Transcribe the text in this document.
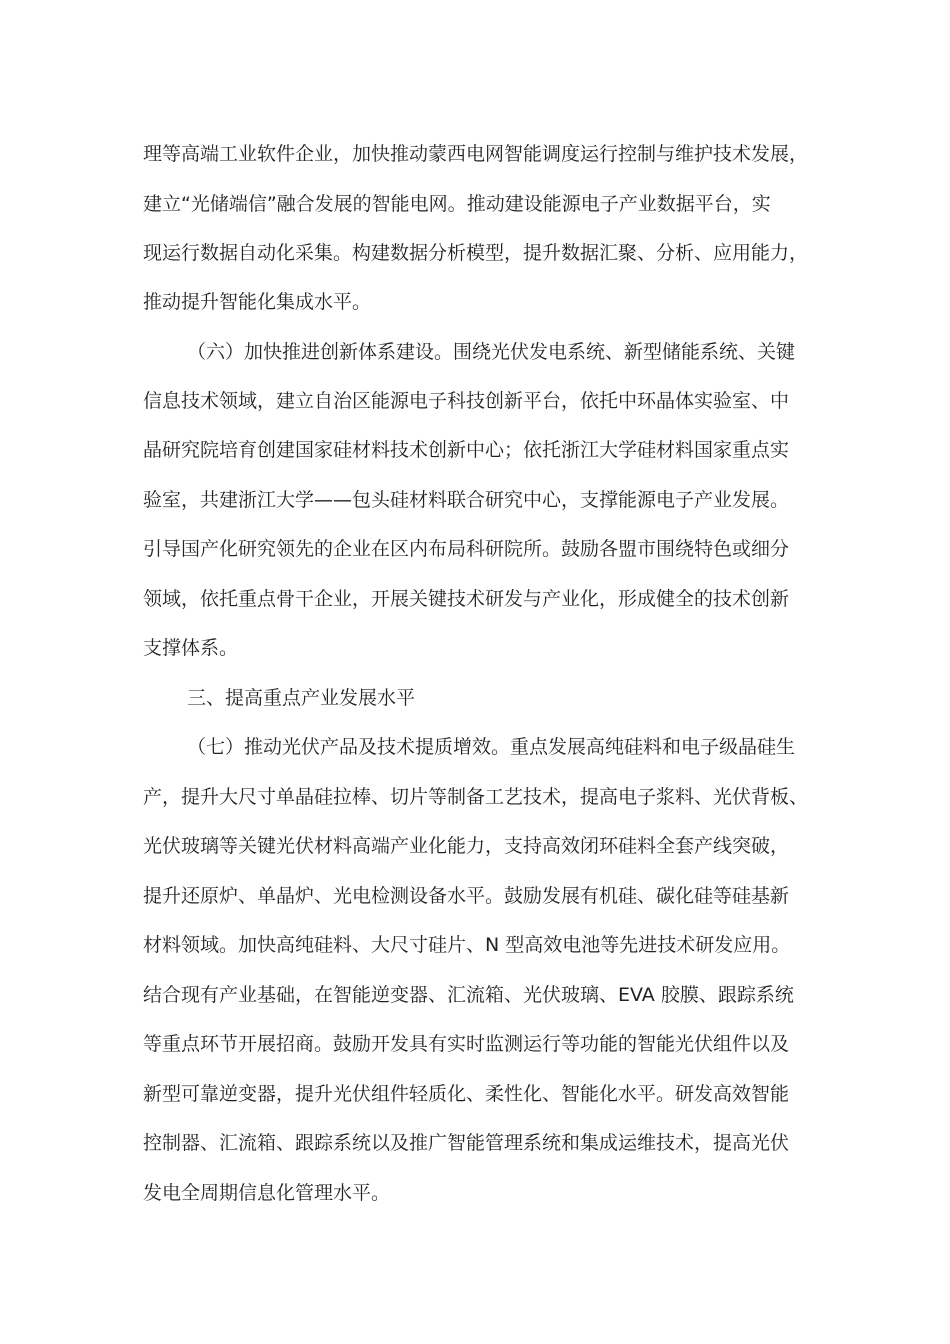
理等高端工业软件企业，加快推动蒙西电网智能调度运行控制与维护技术发展，
建立“光储端信”融合发展的智能电网。推动建设能源电子产业数据平台，实
现运行数据自动化采集。构建数据分析模型，提升数据汇聚、分析、应用能力，
推动提升智能化集成水平。
（六）加快推进创新体系建设。围绕光伏发电系统、新型储能系统、关键
信息技术领域，建立自治区能源电子科技创新平台，依托中环晶体实验室、中
晶研究院培育创建国家硅材料技术创新中心；依托浙江大学硅材料国家重点实
验室，共建浙江大学——包头硅材料联合研究中心，支撑能源电子产业发展。
引导国产化研究领先的企业在区内布局科研院所。鼓励各盟市围绕特色或细分
领域，依托重点骨干企业，开展关键技术研发与产业化，形成健全的技术创新
支撑体系。
三、提高重点产业发展水平
（七）推动光伏产品及技术提质增效。重点发展高纯硅料和电子级晶硅生
产，提升大尺寸单晶硅拉棒、切片等制备工艺技术，提高电子浆料、光伏背板、
光伏玻璃等关键光伏材料高端产业化能力，支持高效闭环硅料全套产线突破，
提升还原炉、单晶炉、光电检测设备水平。鼓励发展有机硅、碳化硅等硅基新
材料领域。加快高纯硅料、大尺寸硅片、N 型高效电池等先进技术研发应用。
结合现有产业基础，在智能逆变器、汇流箱、光伏玻璃、EVA 胶膜、跟踪系统
等重点环节开展招商。鼓励开发具有实时监测运行等功能的智能光伏组件以及
新型可靠逆变器，提升光伏组件轻质化、柔性化、智能化水平。研发高效智能
控制器、汇流箱、跟踪系统以及推广智能管理系统和集成运维技术，提高光伏
发电全周期信息化管理水平。
